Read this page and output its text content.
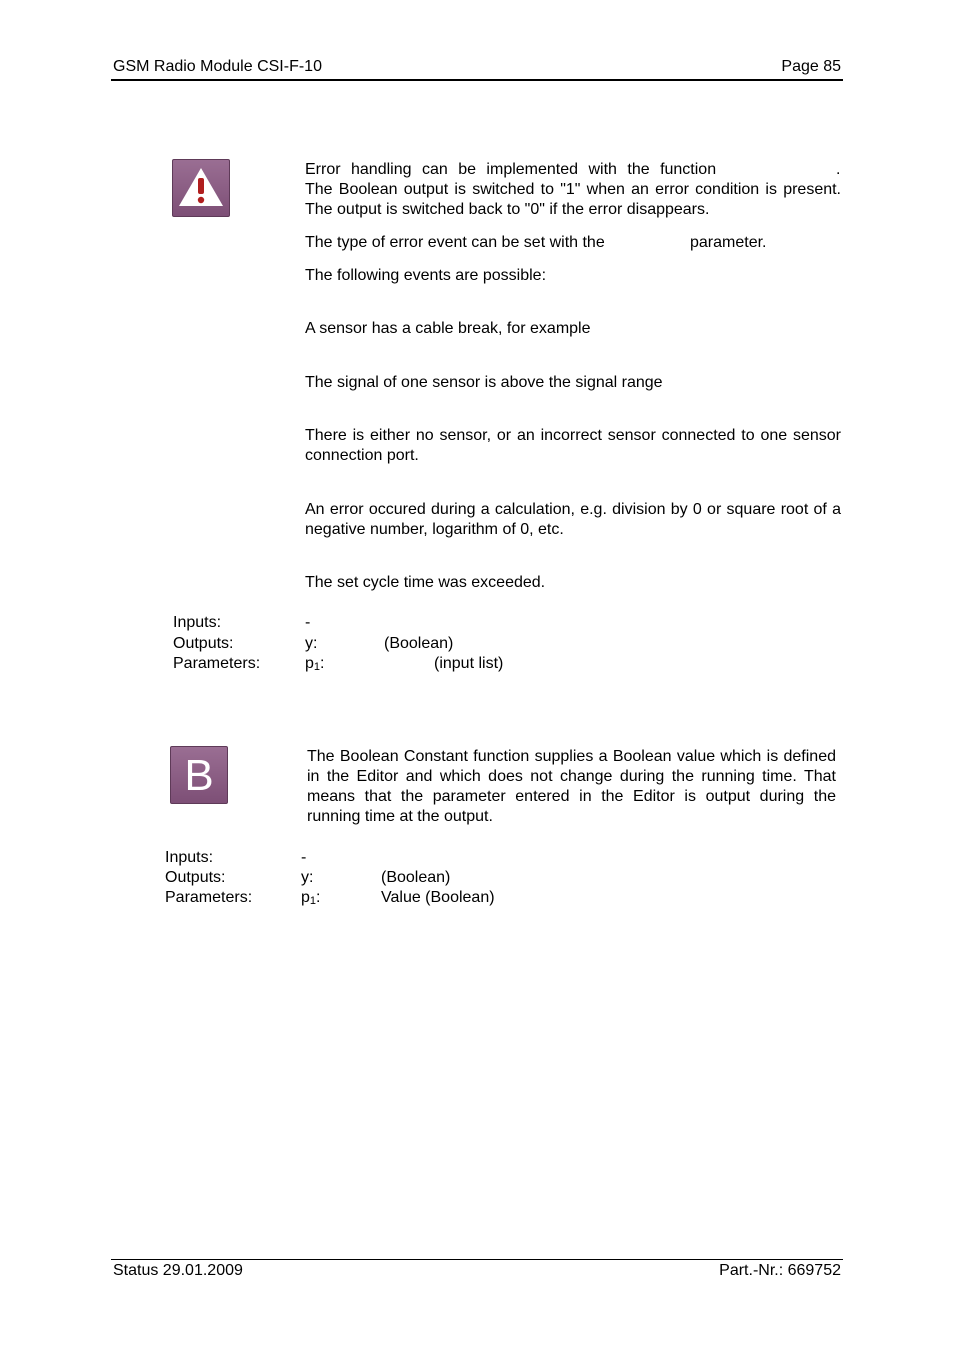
GSM Radio Module CSI-F-10	Page 85
Error handling can be implemented with the function	.
The Boolean output is switched to "1" when an error condition is present. The output is switched back to "0" if the error disappears.
The type of error event can be set with the	parameter.
The following events are possible:
A sensor has a cable break, for example
The signal of one sensor is above the signal range
There is either no sensor, or an incorrect sensor connected to one sensor connection port.
An error occured during a calculation, e.g. division by 0 or square root of a negative number, logarithm of 0, etc.
The set cycle time was exceeded.
Inputs:	-
Outputs:	y:	(Boolean)
Parameters:	$p_1$:	(input list)
B	The Boolean Constant function supplies a Boolean value which is defined in the Editor and which does not change during the running time. That means that the parameter entered in the Editor is output during the running time at the output.
Inputs:	-
Outputs:	y:	(Boolean)
Parameters:	$p_1$:	Value (Boolean)
Status 29.01.2009	Part.-Nr.: 669752
